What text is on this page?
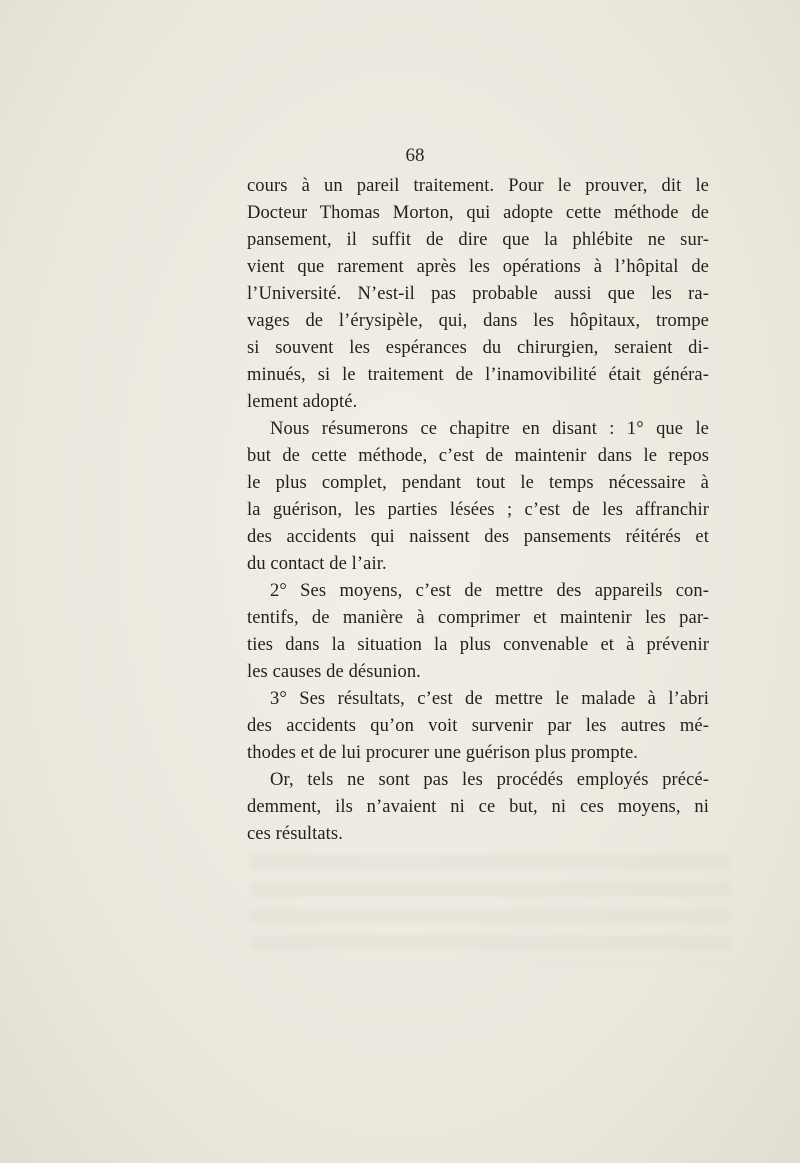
68
cours à un pareil traitement. Pour le prouver, dit le
Docteur Thomas Morton, qui adopte cette méthode de
pansement, il suffit de dire que la phlébite ne sur-
vient que rarement après les opérations à l’hôpital de
l’Université. N’est-il pas probable aussi que les ra-
vages de l’érysipèle, qui, dans les hôpitaux, trompe
si souvent les espérances du chirurgien, seraient di-
minués, si le traitement de l’inamovibilité était généra-
lement adopté.
Nous résumerons ce chapitre en disant : 1° que le
but de cette méthode, c’est de maintenir dans le repos
le plus complet, pendant tout le temps nécessaire à
la guérison, les parties lésées ; c’est de les affranchir
des accidents qui naissent des pansements réitérés et
du contact de l’air.
2° Ses moyens, c’est de mettre des appareils con-
tentifs, de manière à comprimer et maintenir les par-
ties dans la situation la plus convenable et à prévenir
les causes de désunion.
3° Ses résultats, c’est de mettre le malade à l’abri
des accidents qu’on voit survenir par les autres mé-
thodes et de lui procurer une guérison plus prompte.
Or, tels ne sont pas les procédés employés précé-
demment, ils n’avaient ni ce but, ni ces moyens, ni
ces résultats.
